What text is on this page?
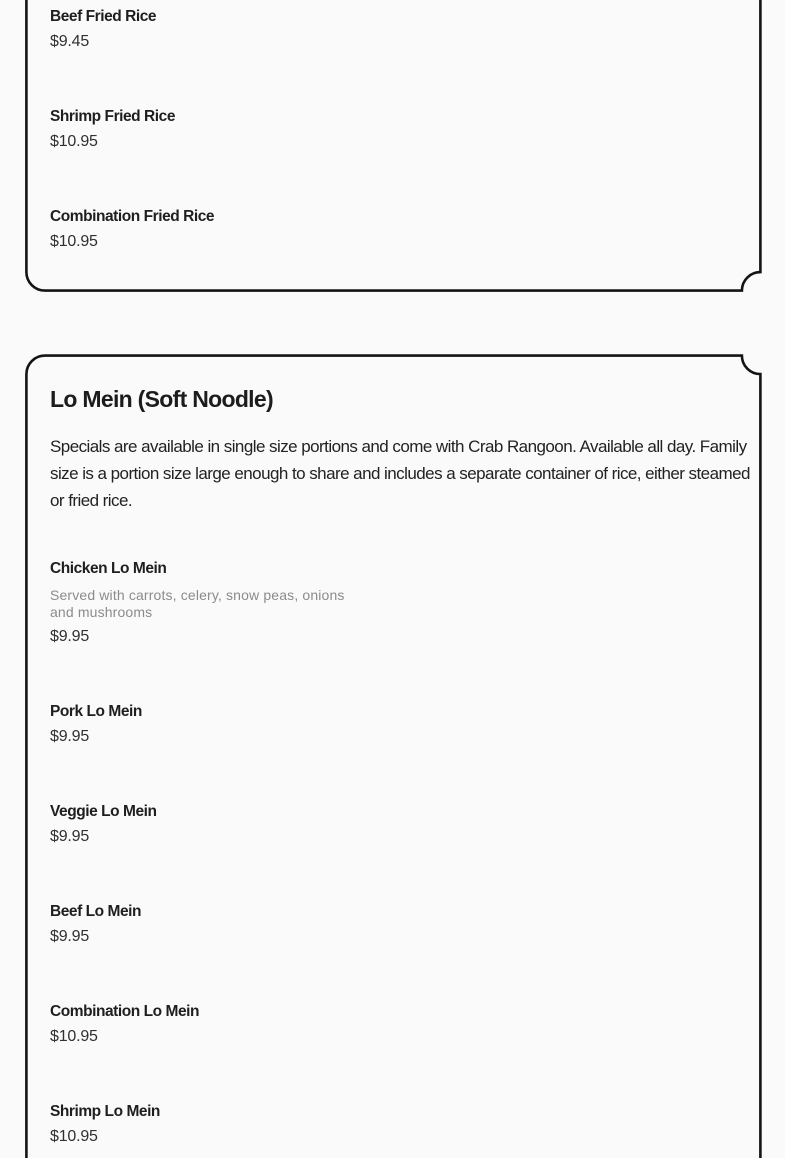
Beef Fried Rice
$9.45
Shrimp Fried Rice
$10.95
Combination Fried Rice
$10.95
Lo Mein (Soft Noodle)

Specials are available in single size portions and come with Crab Rangoon. Available all day. Family size is a portion size large enough to share and includes a separate container of rice, either steamed or fried rice.

Chicken Lo Mein
Served with carrots, celery, snow peas, onions and mushrooms
$9.95
Pork Lo Mein
$9.95
Veggie Lo Mein
$9.95
Beef Lo Mein
$9.95
Combination Lo Mein
$10.95
Shrimp Lo Mein
$10.95
